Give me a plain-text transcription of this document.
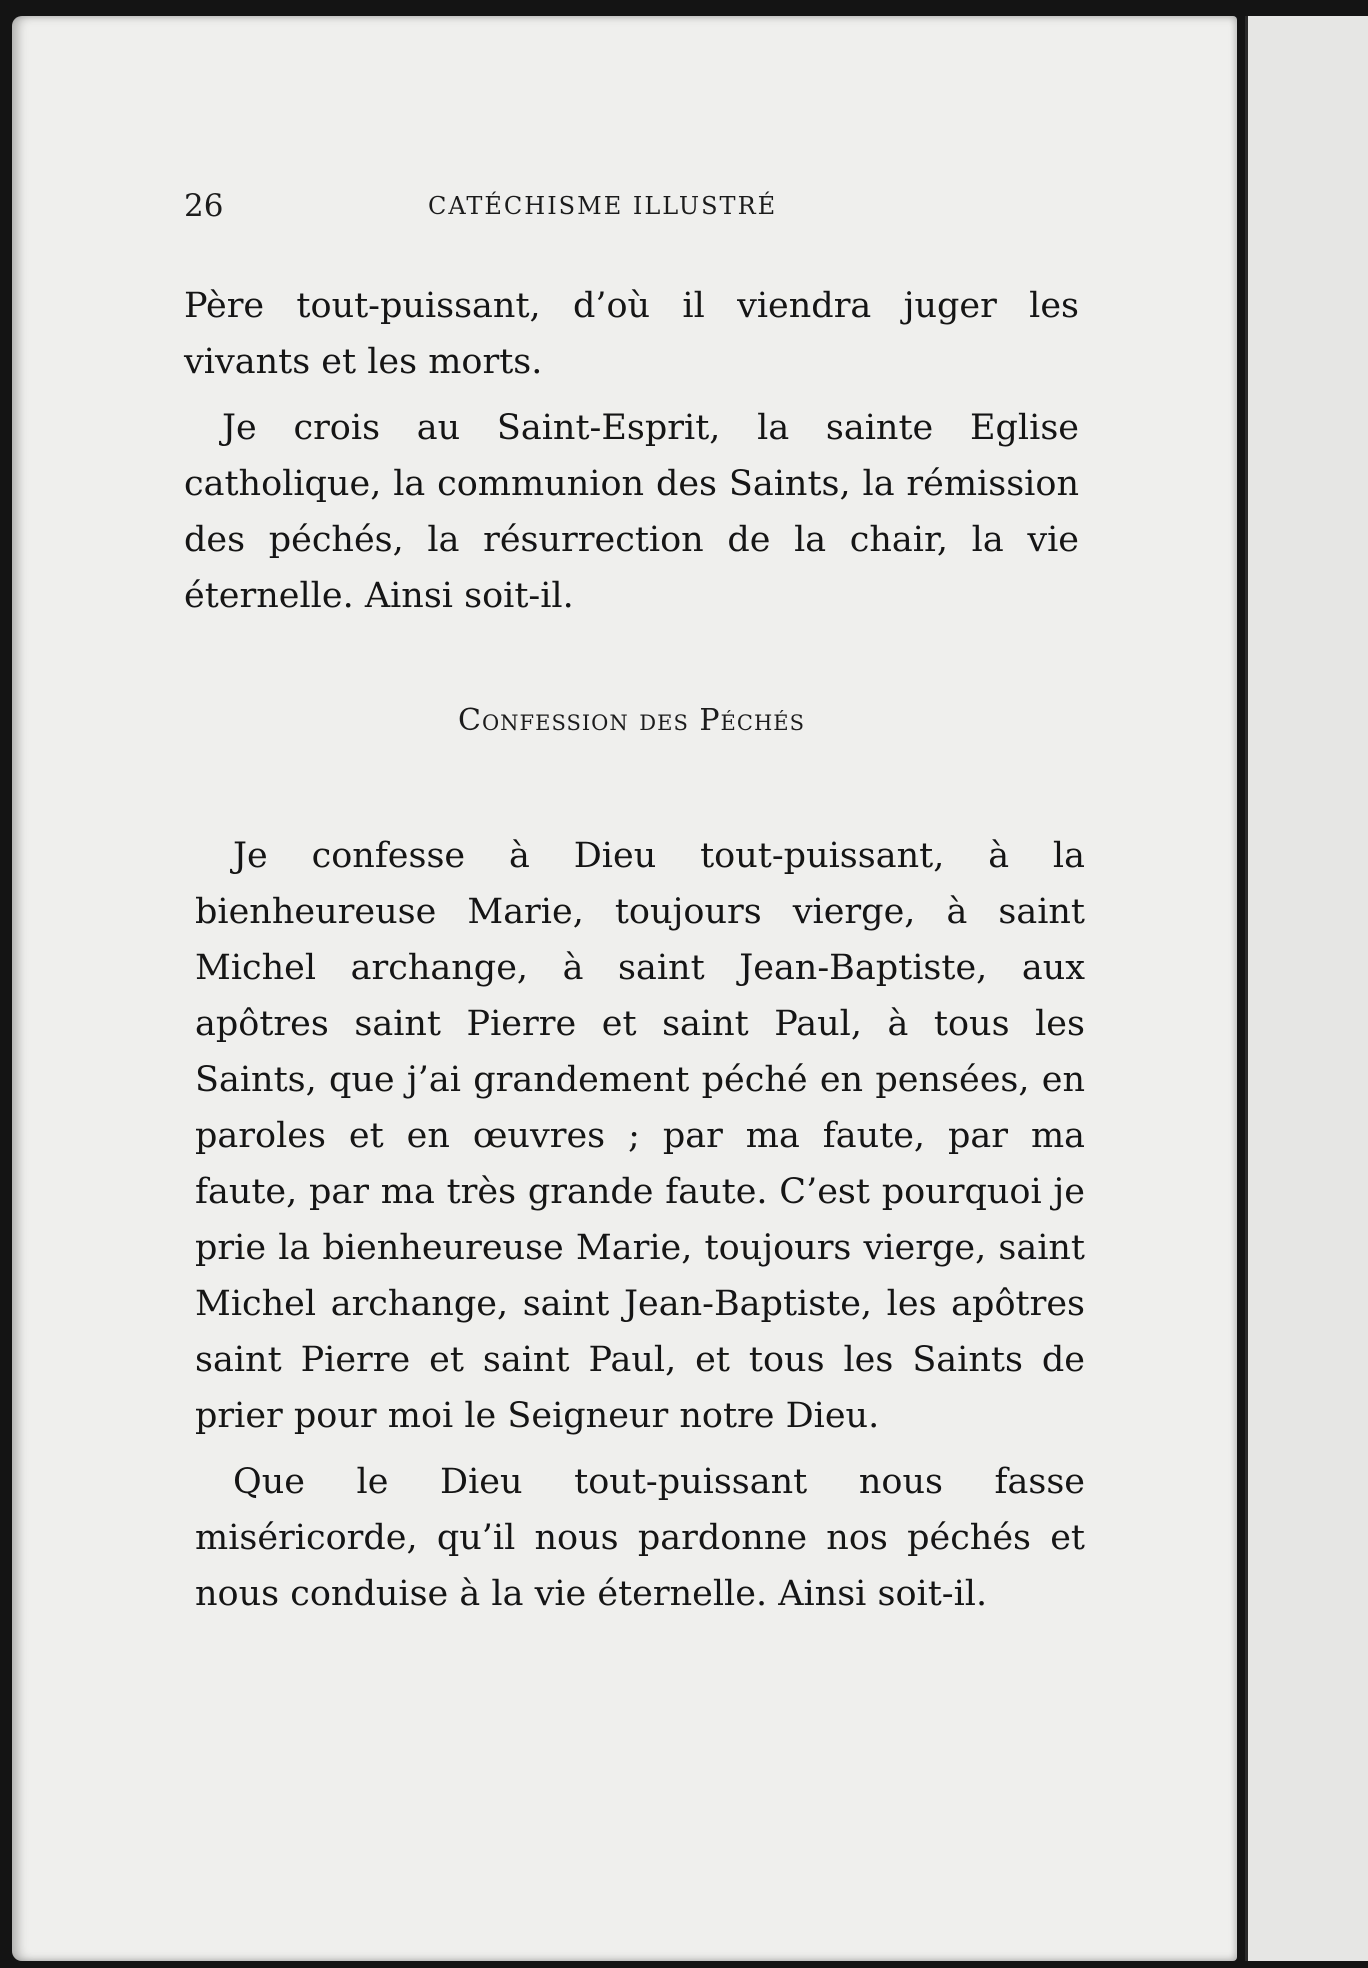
26	CATÉCHISME ILLUSTRÉ

Père tout-puissant, d’où il viendra juger les vivants et les morts.

Je crois au Saint-Esprit, la sainte Eglise catholique, la communion des Saints, la rémission des péchés, la résurrection de la chair, la vie éternelle. Ainsi soit-il.

Confession des Péchés

Je confesse à Dieu tout-puissant, à la bienheureuse Marie, toujours vierge, à saint Michel archange, à saint Jean-Baptiste, aux apôtres saint Pierre et saint Paul, à tous les Saints, que j’ai grandement péché en pensées, en paroles et en œuvres ; par ma faute, par ma faute, par ma très grande faute. C’est pourquoi je prie la bienheureuse Marie, toujours vierge, saint Michel archange, saint Jean-Baptiste, les apôtres saint Pierre et saint Paul, et tous les Saints de prier pour moi le Seigneur notre Dieu.

Que le Dieu tout-puissant nous fasse miséricorde, qu’il nous pardonne nos péchés et nous conduise à la vie éternelle. Ainsi soit-il.
